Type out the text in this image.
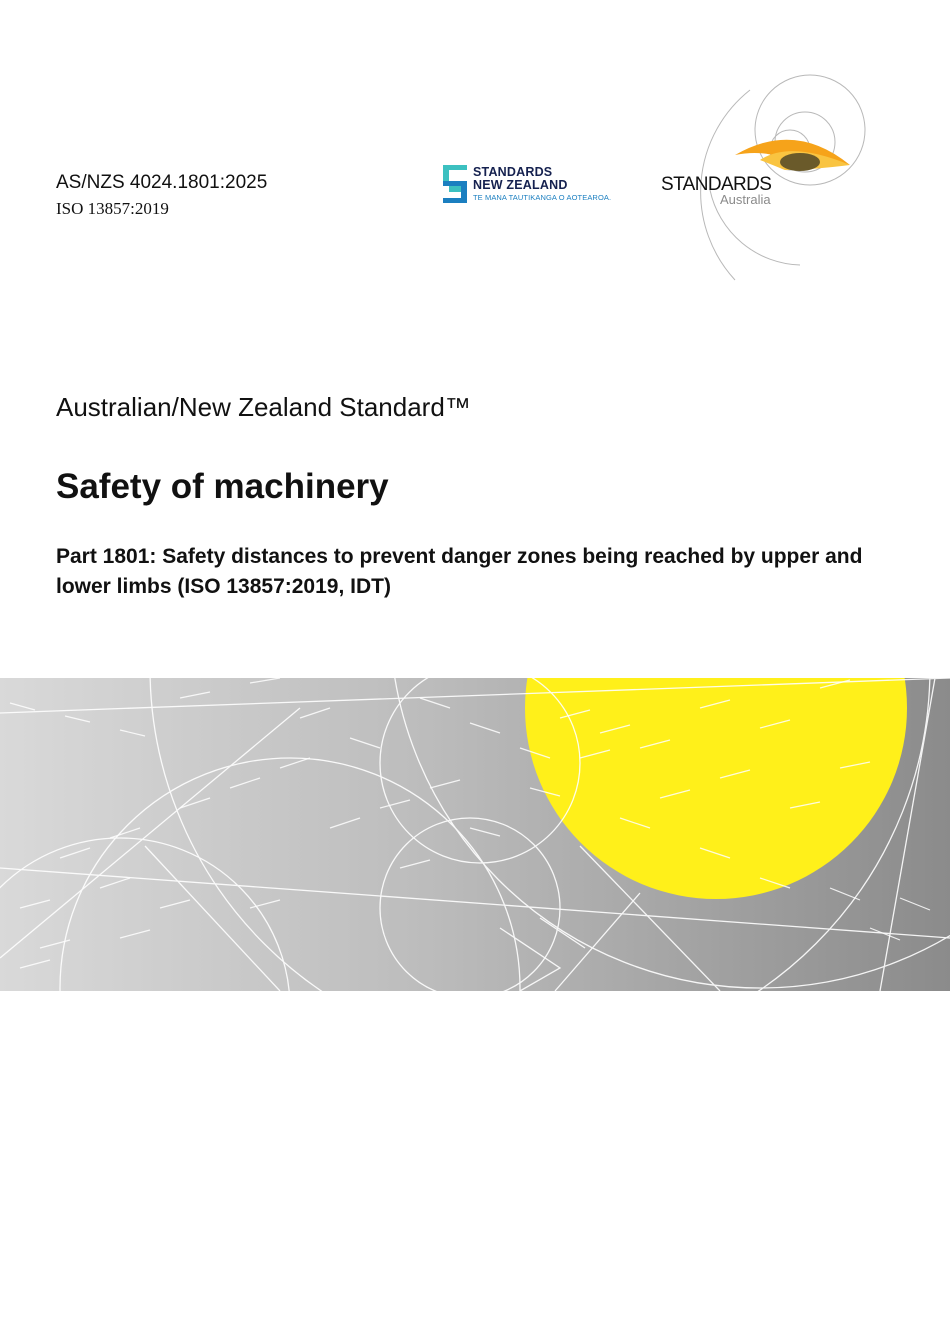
AS/NZS 4024.1801:2025
ISO 13857:2019
STANDARDS
NEW ZEALAND
TE MANA TAUTIKANGA O AOTEAROA.
STANDARDS
Australia
Australian/New Zealand Standard™
Safety of machinery
Part 1801: Safety distances to prevent danger zones being reached by upper and lower limbs (ISO 13857:2019, IDT)
